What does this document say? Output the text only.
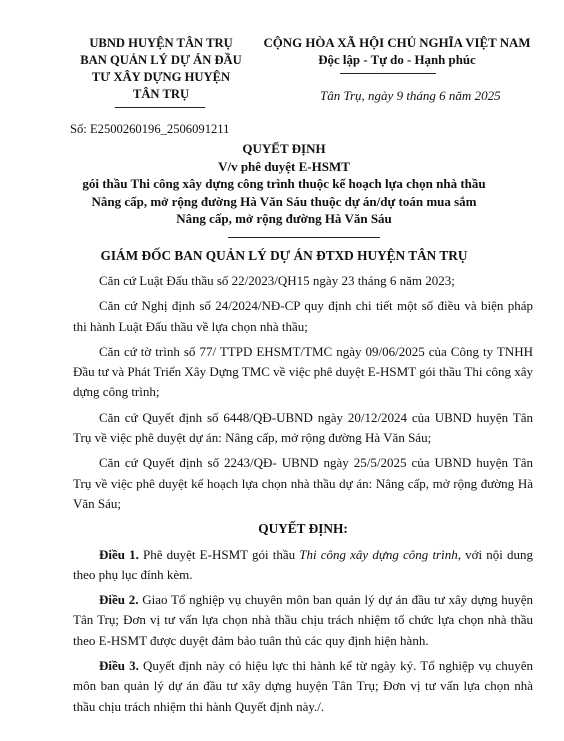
UBND HUYỆN TÂN TRỤ
BAN QUẢN LÝ DỰ ÁN ĐẦU
TƯ XÂY DỰNG HUYỆN
TÂN TRỤ
CỘNG HÒA XÃ HỘI CHỦ NGHĨA VIỆT NAM
Độc lập - Tự do - Hạnh phúc
Tân Trụ, ngày 9 tháng 6 năm 2025
Số: E2500260196_2506091211
QUYẾT ĐỊNH
V/v phê duyệt E-HSMT
gói thầu Thi công xây dựng công trình thuộc kế hoạch lựa chọn nhà thầu
Nâng cấp, mở rộng đường Hà Văn Sáu thuộc dự án/dự toán mua sắm
Nâng cấp, mở rộng đường Hà Văn Sáu
GIÁM ĐỐC BAN QUẢN LÝ DỰ ÁN ĐTXD HUYỆN TÂN TRỤ

Căn cứ Luật Đấu thầu số 22/2023/QH15 ngày 23 tháng 6 năm 2023;

Căn cứ Nghị định số 24/2024/NĐ-CP quy định chi tiết một số điều và biện pháp thi hành Luật Đấu thầu về lựa chọn nhà thầu;

Căn cứ tờ trình số 77/ TTPD EHSMT/TMC ngày 09/06/2025 của Công ty TNHH Đầu tư và Phát Triển Xây Dựng TMC về việc phê duyệt E-HSMT gói thầu Thi công xây dựng công trình;

Căn cứ Quyết định số 6448/QĐ-UBND ngày 20/12/2024 của UBND huyện Tân Trụ về việc phê duyệt dự án: Nâng cấp, mở rộng đường Hà Văn Sáu;

Căn cứ Quyết định số 2243/QĐ- UBND ngày 25/5/2025 của UBND huyện Tân Trụ về việc phê duyệt kế hoạch lựa chọn nhà thầu dự án: Nâng cấp, mở rộng đường Hà Văn Sáu;

QUYẾT ĐỊNH:

Điều 1. Phê duyệt E-HSMT gói thầu Thi công xây dựng công trình, với nội dung theo phụ lục đính kèm.

Điều 2. Giao Tổ nghiệp vụ chuyên môn ban quản lý dự án đầu tư xây dựng huyện Tân Trụ; Đơn vị tư vấn lựa chọn nhà thầu chịu trách nhiệm tổ chức lựa chọn nhà thầu theo E-HSMT được duyệt đảm bảo tuân thủ các quy định hiện hành.

Điều 3. Quyết định này có hiệu lực thi hành kể từ ngày ký. Tổ nghiệp vụ chuyên môn ban quản lý dự án đầu tư xây dựng huyện Tân Trụ; Đơn vị tư vấn lựa chọn nhà thầu chịu trách nhiệm thi hành Quyết định này./.
